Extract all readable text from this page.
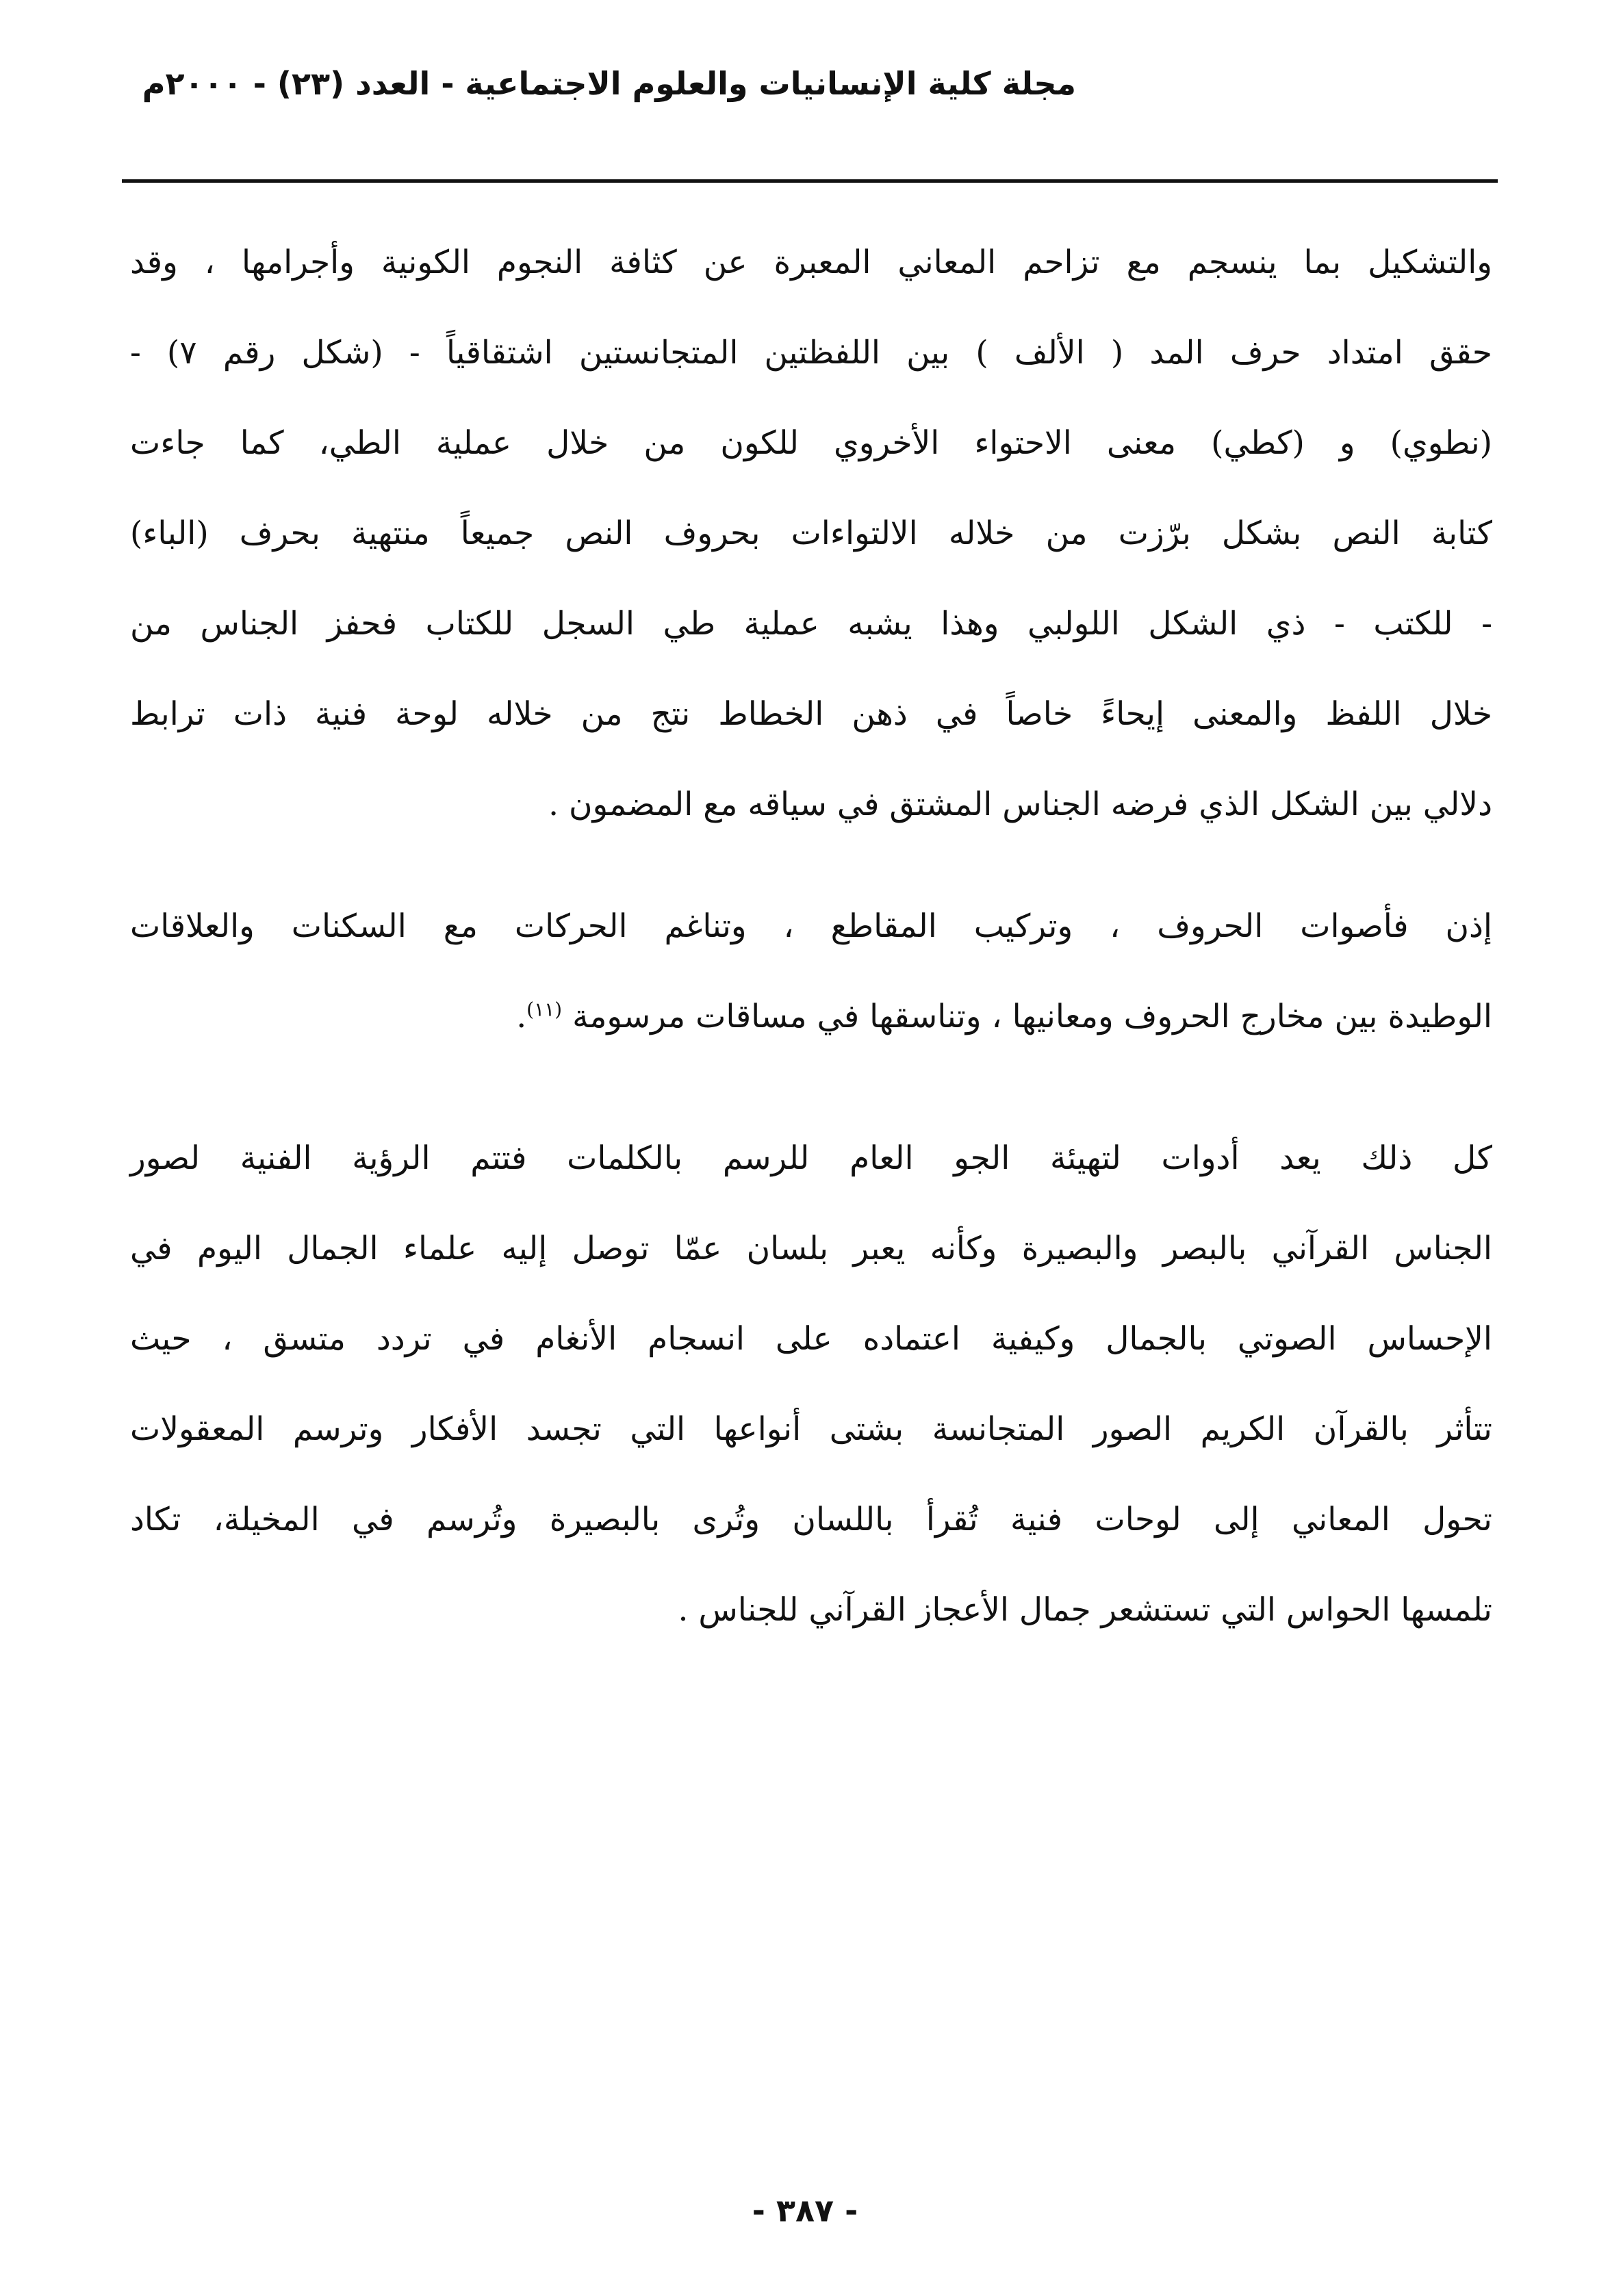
مجلة كلية الإنسانيات والعلوم الاجتماعية - العدد (٢٣) - ٢٠٠٠م
والتشكيل بما ينسجم مع تزاحم المعاني المعبرة عن كثافة النجوم الكونية وأجرامها ، وقد
حقق امتداد حرف المد ( الألف ) بين اللفظتين المتجانستين اشتقاقياً - (شكل رقم ٧) -
(نطوي) و (كطي) معنى الاحتواء الأخروي للكون من خلال عملية الطي، كما جاءت
كتابة النص بشكل برّزت من خلاله الالتواءات بحروف النص جميعاً منتهية بحرف (الباء)
- للكتب - ذي الشكل اللولبي وهذا يشبه عملية طي السجل للكتاب فحفز الجناس من
خلال اللفظ والمعنى إيحاءً خاصاً في ذهن الخطاط نتج من خلاله لوحة فنية ذات ترابط
دلالي بين الشكل الذي فرضه الجناس المشتق في سياقه مع المضمون .
إذن فأصوات الحروف ، وتركيب المقاطع ، وتناغم الحركات مع السكنات والعلاقات
الوطيدة بين مخارج الحروف ومعانيها ، وتناسقها في مساقات مرسومة $^{(١١)}$.
كل ذلك يعد أدوات لتهيئة الجو العام للرسم بالكلمات فتتم الرؤية الفنية لصور
الجناس القرآني بالبصر والبصيرة وكأنه يعبر بلسان عمّا توصل إليه علماء الجمال اليوم في
الإحساس الصوتي بالجمال وكيفية اعتماده على انسجام الأنغام في تردد متسق ، حيث
تتأثر بالقرآن الكريم الصور المتجانسة بشتى أنواعها التي تجسد الأفكار وترسم المعقولات
تحول المعاني إلى لوحات فنية تُقرأ باللسان وتُرى بالبصيرة وتُرسم في المخيلة، تكاد
تلمسها الحواس التي تستشعر جمال الأعجاز القرآني للجناس .
- ٣٨٧ -
